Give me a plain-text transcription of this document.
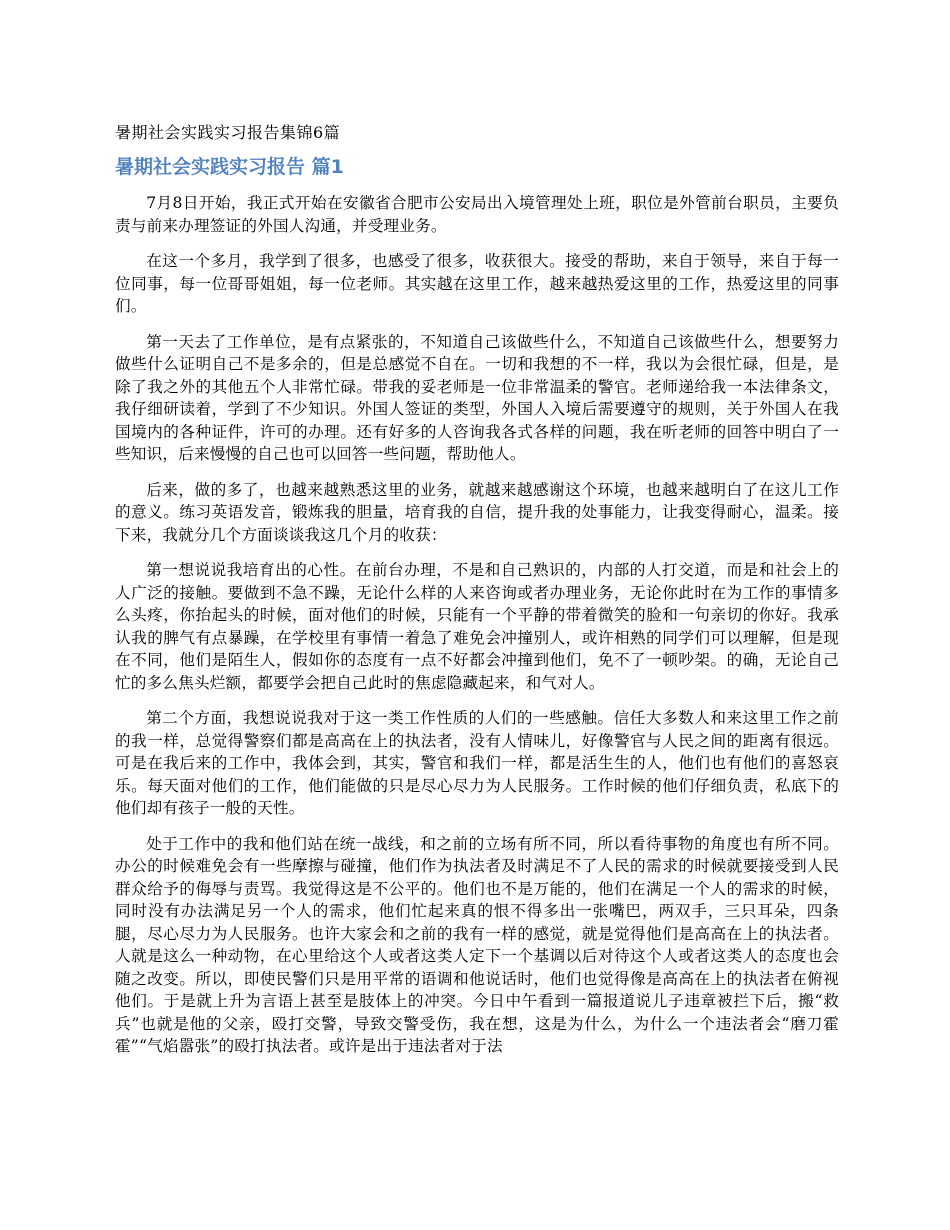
暑期社会实践实习报告集锦6篇
暑期社会实践实习报告 篇1

7月8日开始，我正式开始在安徽省合肥市公安局出入境管理处上班，职位是外管前台职员，主要负责与前来办理签证的外国人沟通，并受理业务。

在这一个多月，我学到了很多，也感受了很多，收获很大。接受的帮助，来自于领导，来自于每一位同事，每一位哥哥姐姐，每一位老师。其实越在这里工作，越来越热爱这里的工作，热爱这里的同事们。

第一天去了工作单位，是有点紧张的，不知道自己该做些什么，不知道自己该做些什么，想要努力做些什么证明自己不是多余的，但是总感觉不自在。一切和我想的不一样，我以为会很忙碌，但是，是除了我之外的其他五个人非常忙碌。带我的妥老师是一位非常温柔的警官。老师递给我一本法律条文，我仔细研读着，学到了不少知识。外国人签证的类型，外国人入境后需要遵守的规则，关于外国人在我国境内的各种证件，许可的办理。还有好多的人咨询我各式各样的问题，我在听老师的回答中明白了一些知识，后来慢慢的自己也可以回答一些问题，帮助他人。

后来，做的多了，也越来越熟悉这里的业务，就越来越感谢这个环境，也越来越明白了在这儿工作的意义。练习英语发音，锻炼我的胆量，培育我的自信，提升我的处事能力，让我变得耐心，温柔。接下来，我就分几个方面谈谈我这几个月的收获：

第一想说说我培育出的心性。在前台办理，不是和自己熟识的，内部的人打交道，而是和社会上的人广泛的接触。要做到不急不躁，无论什么样的人来咨询或者办理业务，无论你此时在为工作的事情多么头疼，你抬起头的时候，面对他们的时候，只能有一个平静的带着微笑的脸和一句亲切的你好。我承认我的脾气有点暴躁，在学校里有事情一着急了难免会冲撞别人，或许相熟的同学们可以理解，但是现在不同，他们是陌生人，假如你的态度有一点不好都会冲撞到他们，免不了一顿吵架。的确，无论自己忙的多么焦头烂额，都要学会把自己此时的焦虑隐藏起来，和气对人。

第二个方面，我想说说我对于这一类工作性质的人们的一些感触。信任大多数人和来这里工作之前的我一样，总觉得警察们都是高高在上的执法者，没有人情味儿，好像警官与人民之间的距离有很远。可是在我后来的工作中，我体会到，其实，警官和我们一样，都是活生生的人，他们也有他们的喜怒哀乐。每天面对他们的工作，他们能做的只是尽心尽力为人民服务。工作时候的他们仔细负责，私底下的他们却有孩子一般的天性。

处于工作中的我和他们站在统一战线，和之前的立场有所不同，所以看待事物的角度也有所不同。办公的时候难免会有一些摩擦与碰撞，他们作为执法者及时满足不了人民的需求的时候就要接受到人民群众给予的侮辱与责骂。我觉得这是不公平的。他们也不是万能的，他们在满足一个人的需求的时候，同时没有办法满足另一个人的需求，他们忙起来真的恨不得多出一张嘴巴，两双手，三只耳朵，四条腿，尽心尽力为人民服务。也许大家会和之前的我有一样的感觉，就是觉得他们是高高在上的执法者。人就是这么一种动物，在心里给这个人或者这类人定下一个基调以后对待这个人或者这类人的态度也会随之改变。所以，即使民警们只是用平常的语调和他说话时，他们也觉得像是高高在上的执法者在俯视他们。于是就上升为言语上甚至是肢体上的冲突。今日中午看到一篇报道说儿子违章被拦下后，搬“救兵”也就是他的父亲，殴打交警，导致交警受伤，我在想，这是为什么，为什么一个违法者会“磨刀霍霍”“气焰嚣张”的殴打执法者。或许是出于违法者对于法
